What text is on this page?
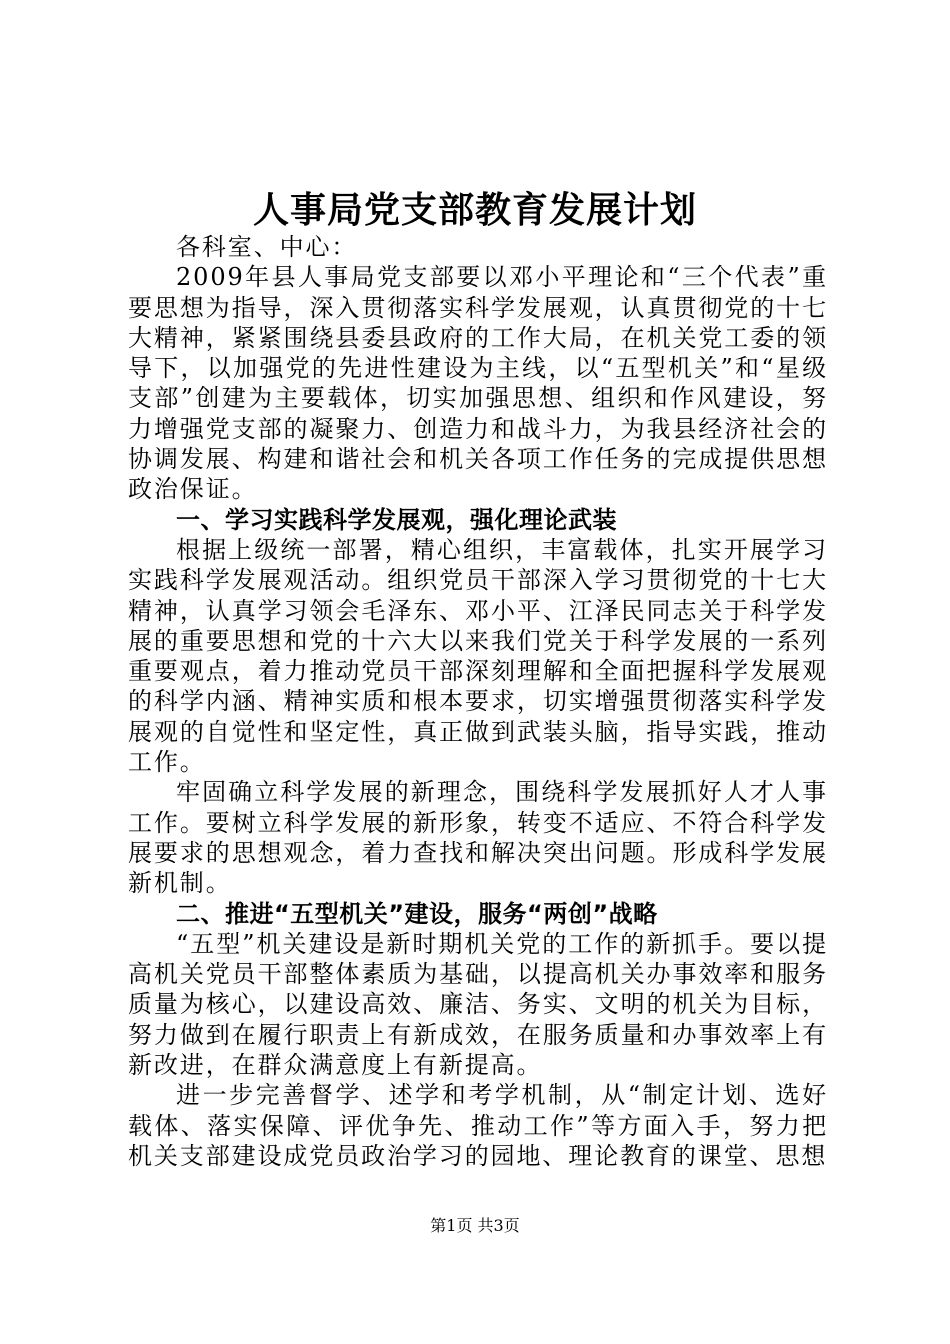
人事局党支部教育发展计划

各科室、中心：

2009年县人事局党支部要以邓小平理论和“三个代表”重要思想为指导，深入贯彻落实科学发展观，认真贯彻党的十七大精神，紧紧围绕县委县政府的工作大局，在机关党工委的领导下，以加强党的先进性建设为主线，以“五型机关”和“星级支部”创建为主要载体，切实加强思想、组织和作风建设，努力增强党支部的凝聚力、创造力和战斗力，为我县经济社会的协调发展、构建和谐社会和机关各项工作任务的完成提供思想政治保证。

一、学习实践科学发展观，强化理论武装

根据上级统一部署，精心组织，丰富载体，扎实开展学习实践科学发展观活动。组织党员干部深入学习贯彻党的十七大精神，认真学习领会毛泽东、邓小平、江泽民同志关于科学发展的重要思想和党的十六大以来我们党关于科学发展的一系列重要观点，着力推动党员干部深刻理解和全面把握科学发展观的科学内涵、精神实质和根本要求，切实增强贯彻落实科学发展观的自觉性和坚定性，真正做到武装头脑，指导实践，推动工作。

牢固确立科学发展的新理念，围绕科学发展抓好人才人事工作。要树立科学发展的新形象，转变不适应、不符合科学发展要求的思想观念，着力查找和解决突出问题。形成科学发展新机制。

二、推进“五型机关”建设，服务“两创”战略

“五型”机关建设是新时期机关党的工作的新抓手。要以提高机关党员干部整体素质为基础，以提高机关办事效率和服务质量为核心，以建设高效、廉洁、务实、文明的机关为目标，努力做到在履行职责上有新成效，在服务质量和办事效率上有新改进，在群众满意度上有新提高。

进一步完善督学、述学和考学机制，从“制定计划、选好载体、落实保障、评优争先、推动工作”等方面入手，努力把机关支部建设成党员政治学习的园地、理论教育的课堂、思想

第1页 共3页
